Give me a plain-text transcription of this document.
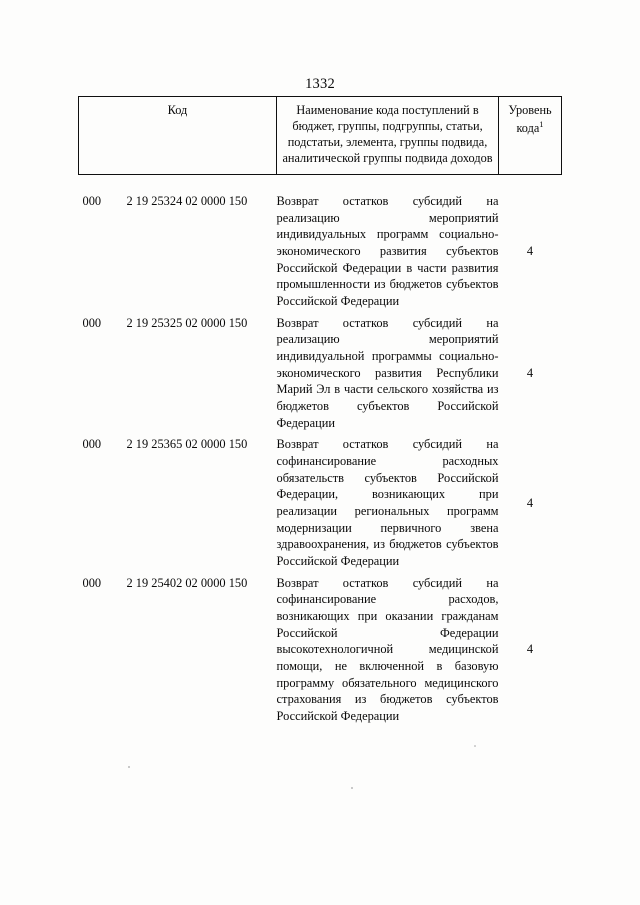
1332
Код	Наименование кода поступлений в бюджет, группы, подгруппы, статьи, подстатьи, элемента, группы подвида, аналитической группы подвида доходов	Уровень кода$^1$

000 2 19 25324 02 0000 150	Возврат остатков субсидий на реализацию мероприятий индивидуальных программ социально-экономического развития субъектов Российской Федерации в части развития промышленности из бюджетов субъектов Российской Федерации	4

000 2 19 25325 02 0000 150	Возврат остатков субсидий на реализацию мероприятий индивидуальной программы социально-экономического развития Республики Марий Эл в части сельского хозяйства из бюджетов субъектов Российской Федерации	4

000 2 19 25365 02 0000 150	Возврат остатков субсидий на софинансирование расходных обязательств субъектов Российской Федерации, возникающих при реализации региональных программ модернизации первичного звена здравоохранения, из бюджетов субъектов Российской Федерации	4

000 2 19 25402 02 0000 150	Возврат остатков субсидий на софинансирование расходов, возникающих при оказании гражданам Российской Федерации высокотехнологичной медицинской помощи, не включенной в базовую программу обязательного медицинского страхования из бюджетов субъектов Российской Федерации	4
